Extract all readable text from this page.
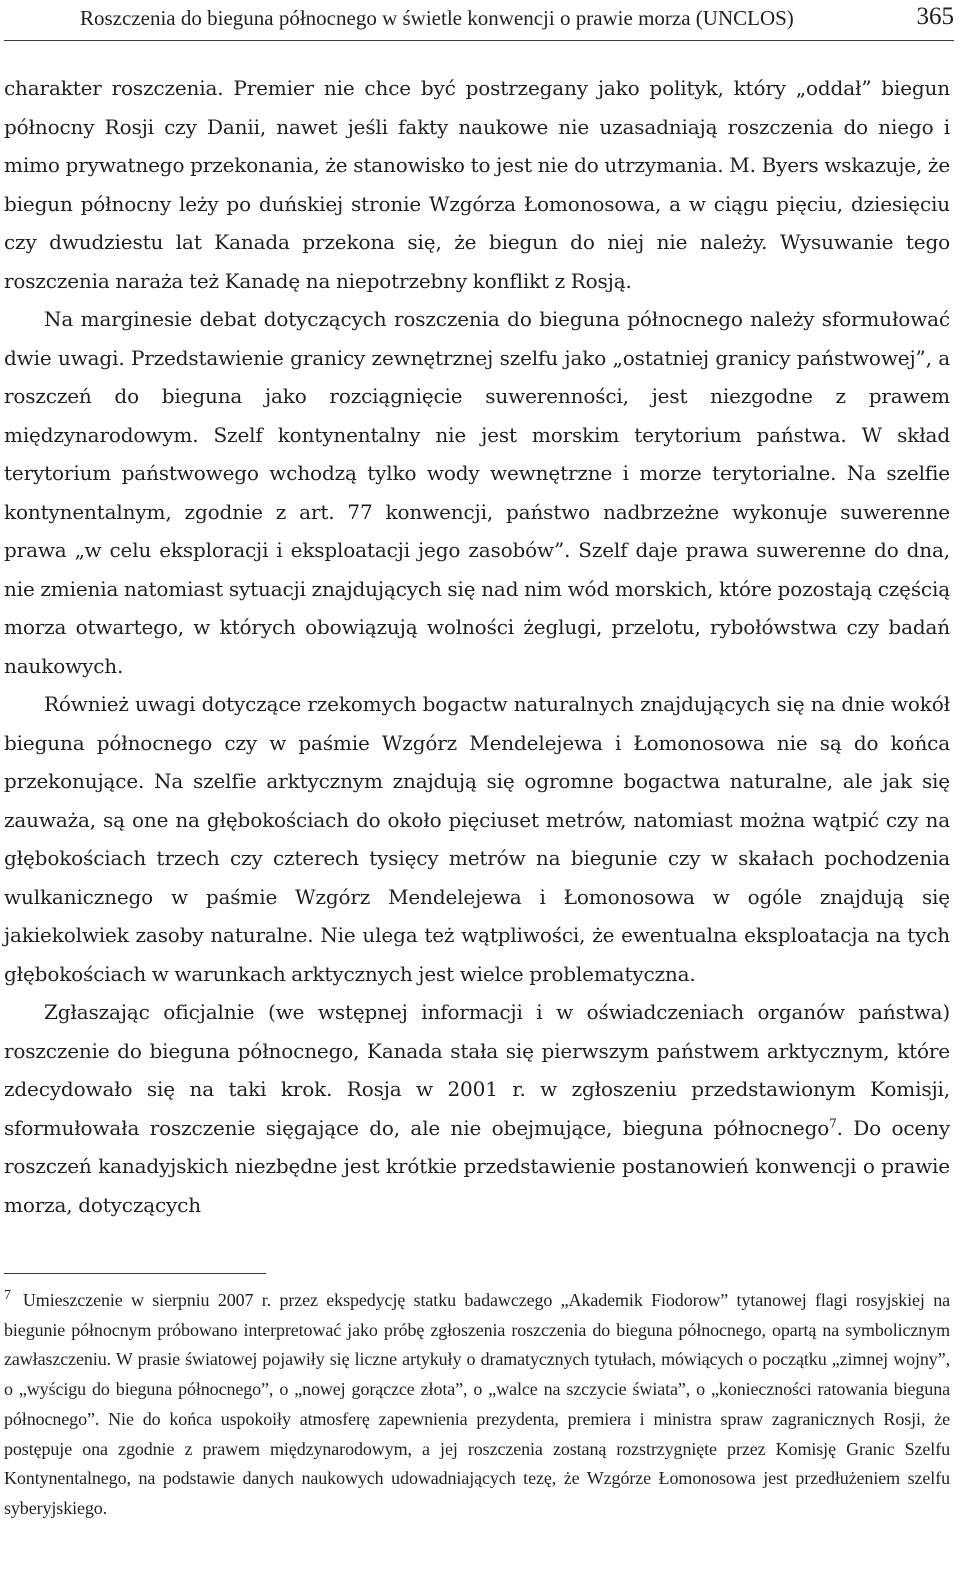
Roszczenia do bieguna północnego w świetle konwencji o prawie morza (UNCLOS)	365

charakter roszczenia. Premier nie chce być postrzegany jako polityk, który „oddał” biegun północny Rosji czy Danii, nawet jeśli fakty naukowe nie uzasadniają roszczenia do niego i mimo prywatnego przekonania, że stanowisko to jest nie do utrzymania. M. Byers wskazuje, że biegun północny leży po duńskiej stronie Wzgórza Łomonosowa, a w ciągu pięciu, dziesięciu czy dwudziestu lat Kanada przekona się, że biegun do niej nie należy. Wysuwanie tego roszczenia naraża też Kanadę na niepotrzebny konflikt z Rosją.

Na marginesie debat dotyczących roszczenia do bieguna północnego należy sformułować dwie uwagi. Przedstawienie granicy zewnętrznej szelfu jako „ostatniej granicy państwowej”, a roszczeń do bieguna jako rozciągnięcie suwerenności, jest niezgodne z prawem międzynarodowym. Szelf kontynentalny nie jest morskim terytorium państwa. W skład terytorium państwowego wchodzą tylko wody wewnętrzne i morze terytorialne. Na szelfie kontynentalnym, zgodnie z art. 77 konwencji, państwo nadbrzeżne wykonuje suwerenne prawa „w celu eksploracji i eksploatacji jego zasobów”. Szelf daje prawa suwerenne do dna, nie zmienia natomiast sytuacji znajdujących się nad nim wód morskich, które pozostają częścią morza otwartego, w których obowiązują wolności żeglugi, przelotu, rybołówstwa czy badań naukowych.

Również uwagi dotyczące rzekomych bogactw naturalnych znajdujących się na dnie wokół bieguna północnego czy w paśmie Wzgórz Mendelejewa i Łomonosowa nie są do końca przekonujące. Na szelfie arktycznym znajdują się ogromne bogactwa naturalne, ale jak się zauważa, są one na głębokościach do około pięciuset metrów, natomiast można wątpić czy na głębokościach trzech czy czterech tysięcy metrów na biegunie czy w skałach pochodzenia wulkanicznego w paśmie Wzgórz Mendelejewa i Łomonosowa w ogóle znajdują się jakiekolwiek zasoby naturalne. Nie ulega też wątpliwości, że ewentualna eksploatacja na tych głębokościach w warunkach arktycznych jest wielce problematyczna.

Zgłaszając oficjalnie (we wstępnej informacji i w oświadczeniach organów państwa) roszczenie do bieguna północnego, Kanada stała się pierwszym państwem arktycznym, które zdecydowało się na taki krok. Rosja w 2001 r. w zgłoszeniu przedstawionym Komisji, sformułowała roszczenie sięgające do, ale nie obejmujące, bieguna północnego$^7$. Do oceny roszczeń kanadyjskich niezbędne jest krótkie przedstawienie postanowień konwencji o prawie morza, dotyczących

7 Umieszczenie w sierpniu 2007 r. przez ekspedycję statku badawczego „Akademik Fiodorow” tytanowej flagi rosyjskiej na biegunie północnym próbowano interpretować jako próbę zgłoszenia roszczenia do bieguna północnego, opartą na symbolicznym zawłaszczeniu. W prasie światowej pojawiły się liczne artykuły o dramatycznych tytułach, mówiących o początku „zimnej wojny”, o „wyścigu do bieguna północnego”, o „nowej gorączce złota”, o „walce na szczycie świata”, o „konieczności ratowania bieguna północnego”. Nie do końca uspokoiły atmosferę zapewnienia prezydenta, premiera i ministra spraw zagranicznych Rosji, że postępuje ona zgodnie z prawem międzynarodowym, a jej roszczenia zostaną rozstrzygnięte przez Komisję Granic Szelfu Kontynentalnego, na podstawie danych naukowych udowadniających tezę, że Wzgórze Łomonosowa jest przedłużeniem szelfu syberyjskiego.
